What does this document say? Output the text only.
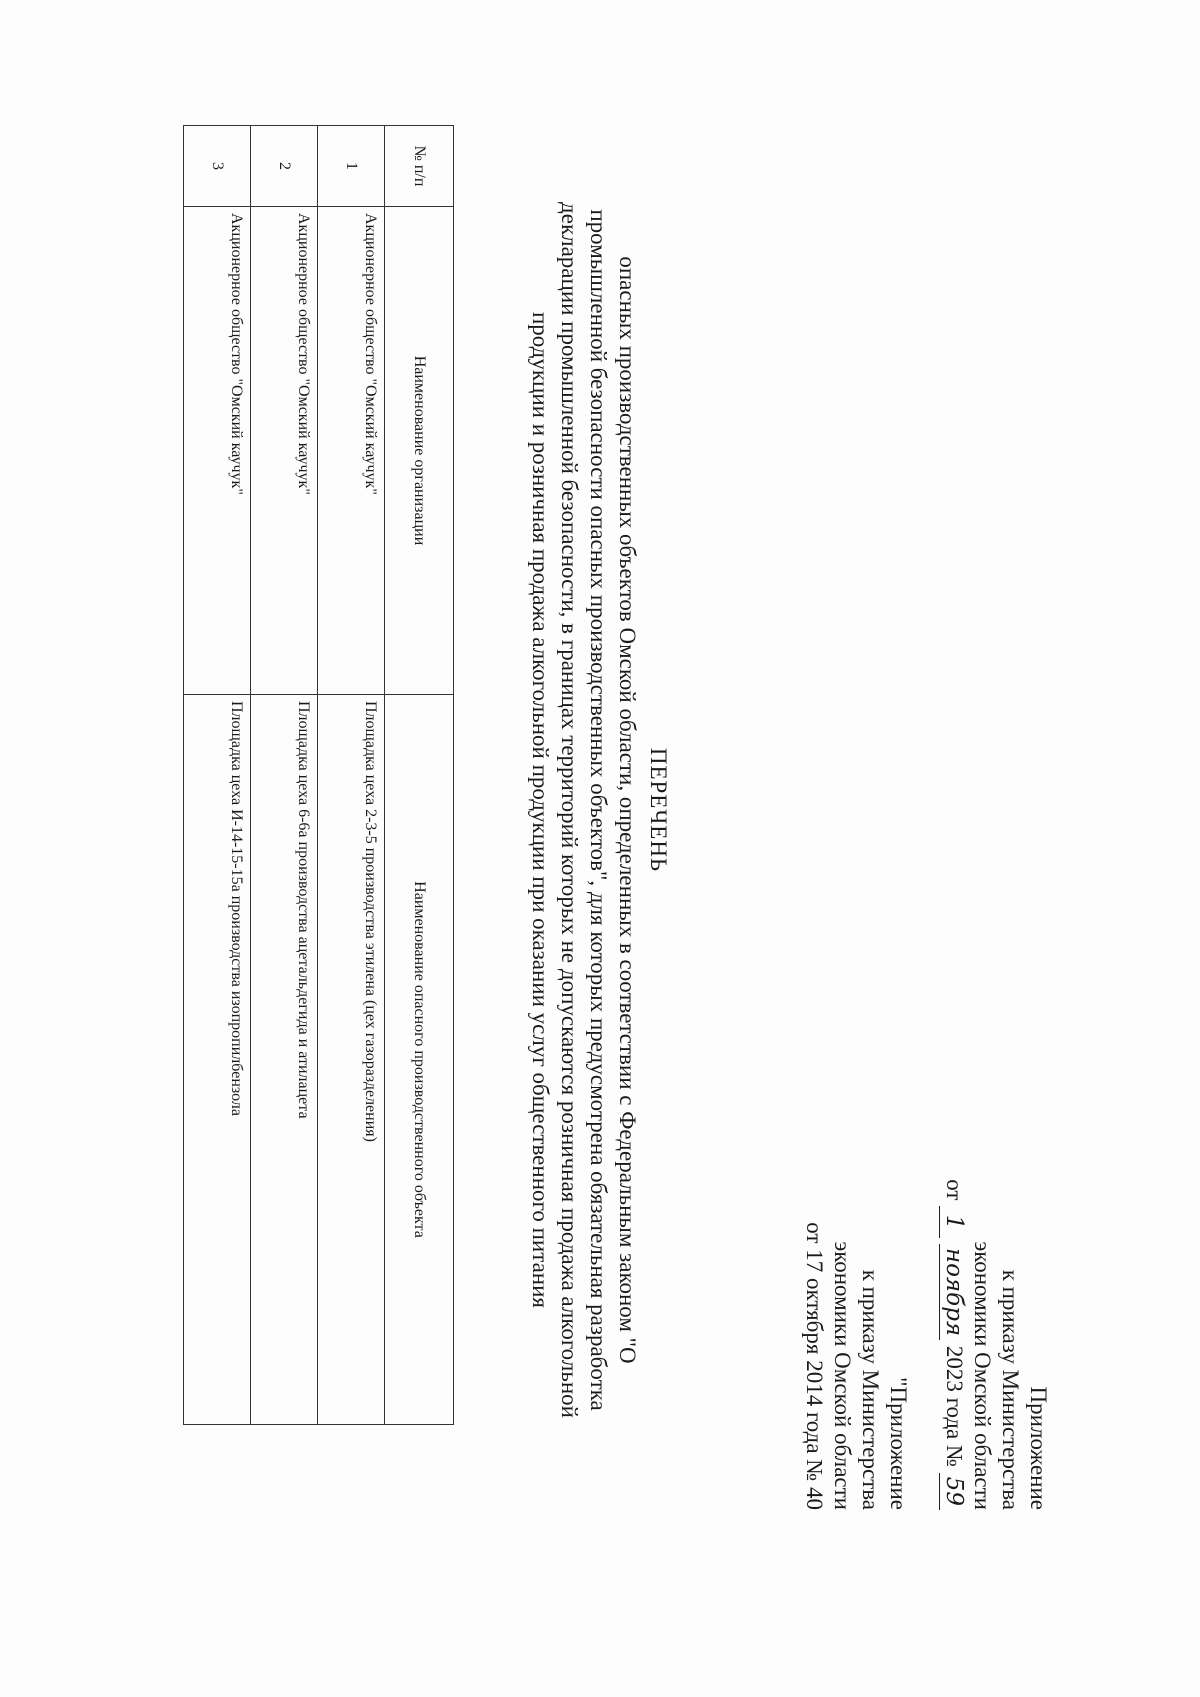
Приложение
к приказу Министерства
экономики Омской области
от 1 ноября 2023 года № 59
"Приложение
к приказу Министерства
экономики Омской области
от 17 октября 2014 года № 40
ПЕРЕЧЕНЬ
опасных производственных объектов Омской области, определенных в соответствии с Федеральным законом "О промышленной безопасности опасных производственных объектов", для которых предусмотрена обязательная разработка декларации промышленной безопасности, в границах территорий которых не допускаются розничная продажа алкогольной продукции и розничная продажа алкогольной продукции при оказании услуг общественного питания
№ п/п	Наименование организации	Наименование опасного производственного объекта
1	Акционерное общество "Омский каучук"	Площадка цеха 2-3-5 производства этилена (цех газоразделения)
2	Акционерное общество "Омский каучук"	Площадка цеха 6-6а производства ацетальдегида и атилацета
3	Акционерное общество "Омский каучук"	Площадка цеха И-14-15-15а производства изопропилбензола
